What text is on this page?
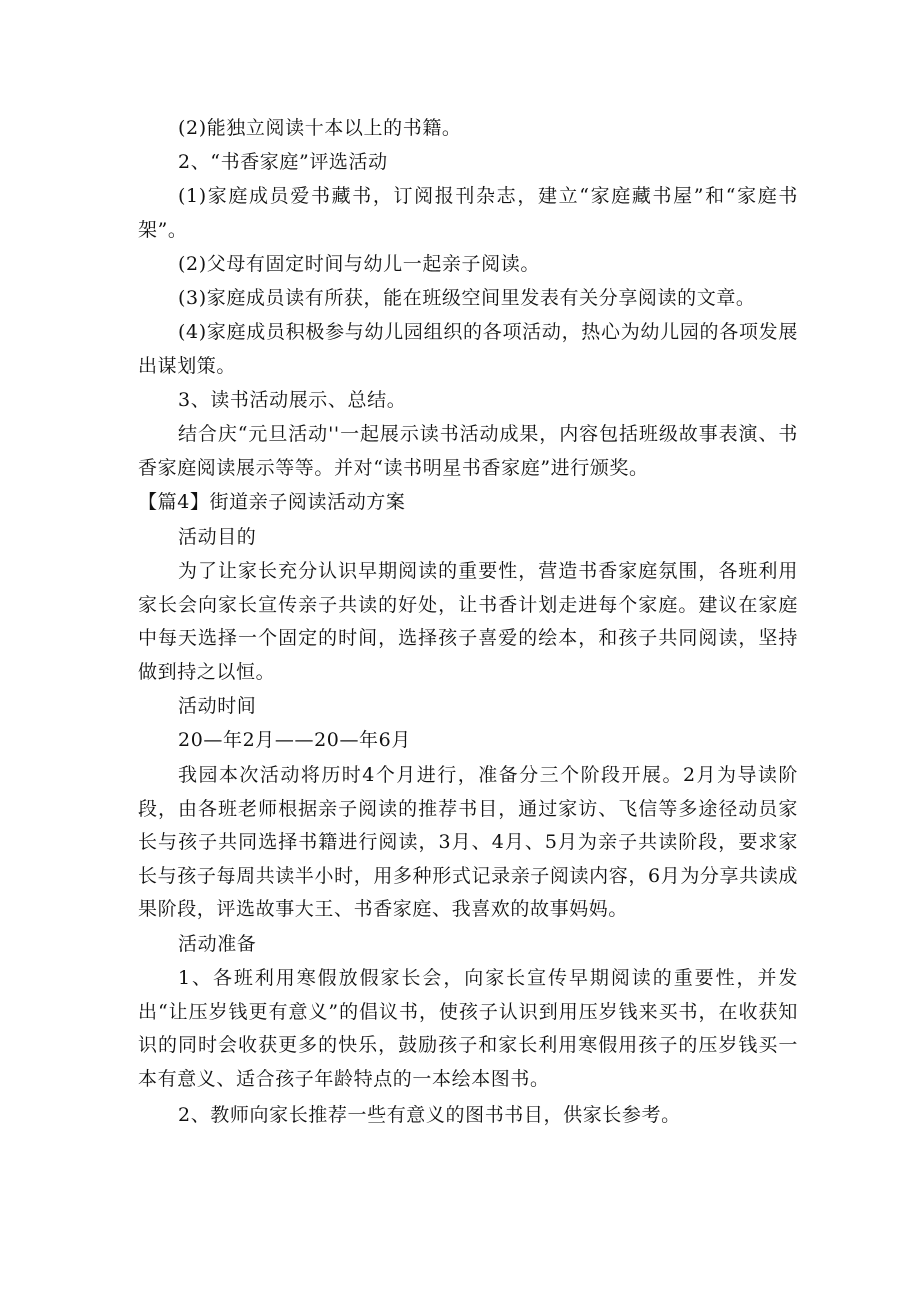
(2)能独立阅读十本以上的书籍。

2、“书香家庭”评选活动

(1)家庭成员爱书藏书，订阅报刊杂志，建立“家庭藏书屋”和“家庭书架”。

(2)父母有固定时间与幼儿一起亲子阅读。

(3)家庭成员读有所获，能在班级空间里发表有关分享阅读的文章。

(4)家庭成员积极参与幼儿园组织的各项活动，热心为幼儿园的各项发展出谋划策。

3、读书活动展示、总结。

结合庆“元旦活动''一起展示读书活动成果，内容包括班级故事表演、书香家庭阅读展示等等。并对“读书明星书香家庭”进行颁奖。

【篇4】街道亲子阅读活动方案

活动目的

为了让家长充分认识早期阅读的重要性，营造书香家庭氛围，各班利用家长会向家长宣传亲子共读的好处，让书香计划走进每个家庭。建议在家庭中每天选择一个固定的时间，选择孩子喜爱的绘本，和孩子共同阅读，坚持做到持之以恒。

活动时间

20—年2月——20—年6月

我园本次活动将历时4个月进行，准备分三个阶段开展。2月为导读阶段，由各班老师根据亲子阅读的推荐书目，通过家访、飞信等多途径动员家长与孩子共同选择书籍进行阅读，3月、4月、5月为亲子共读阶段，要求家长与孩子每周共读半小时，用多种形式记录亲子阅读内容，6月为分享共读成果阶段，评选故事大王、书香家庭、我喜欢的故事妈妈。

活动准备

1、各班利用寒假放假家长会，向家长宣传早期阅读的重要性，并发出“让压岁钱更有意义”的倡议书，使孩子认识到用压岁钱来买书，在收获知识的同时会收获更多的快乐，鼓励孩子和家长利用寒假用孩子的压岁钱买一本有意义、适合孩子年龄特点的一本绘本图书。

2、教师向家长推荐一些有意义的图书书目，供家长参考。
